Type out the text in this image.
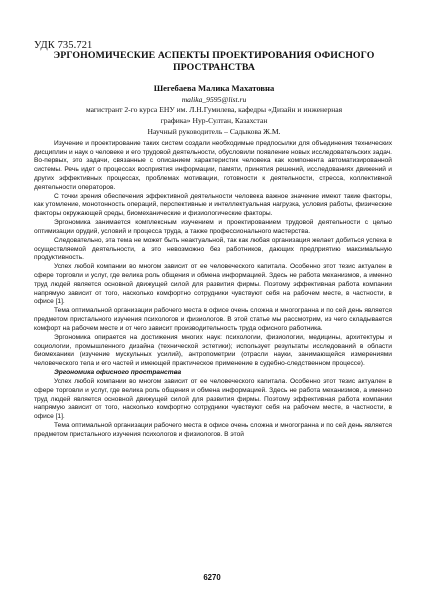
УДК 735.721
ЭРГОНОМИЧЕСКИЕ АСПЕКТЫ ПРОЕКТИРОВАНИЯ ОФИСНОГО ПРОСТРАНСТВА
Шегебаева Малика Махатовна
malika_9595@list.ru
магистрант 2-го курса ЕНУ им. Л.Н.Гумилева, кафедры «Дизайн и инженерная
графика» Нур-Султан, Казахстан
Научный руководитель – Садыкова Ж.М.

Изучение и проектирование таких систем создали необходимые предпосылки для объединения технических дисциплин и наук о человеке и его трудовой деятельности, обусловили появление новых исследовательских задач. Во-первых, это задачи, связанные с описанием характеристик человека как компонента автоматизированной системы. Речь идет о процессах восприятия информации, памяти, принятия решений, исследованиях движений и других эффективных процессах, проблемах мотивации, готовности к деятельности, стресса, коллективной деятельности операторов.

С точки зрения обеспечения эффективной деятельности человека важное значение имеют такие факторы, как утомление, монотонность операций, перспективные и интеллектуальная нагрузка, условия работы, физические факторы окружающей среды, биомеханические и физиологические факторы.

Эргономика занимается комплексным изучением и проектированием трудовой деятельности с целью оптимизации орудий, условий и процесса труда, а также профессионального мастерства.

Следовательно, эта тема не может быть неактуальной, так как любая организация желает добиться успеха в осуществляемой деятельности, а это невозможно без работников, дающих предприятию максимальную продуктивность.

Успех любой компании во многом зависит от ее человеческого капитала. Особенно этот тезис актуален в сфере торговли и услуг, где велика роль общения и обмена информацией. Здесь не работа механизмов, а именно труд людей является основной движущей силой для развития фирмы. Поэтому эффективная работа компании напрямую зависит от того, насколько комфортно сотрудники чувствуют себя на рабочем месте, в частности, в офисе [1].

Тема оптимальной организации рабочего места в офисе очень сложна и многогранна и по сей день является предметом пристального изучения психологов и физиологов. В этой статье мы рассмотрим, из чего складывается комфорт на рабочем месте и от чего зависит производительность труда офисного работника.

Эргономика опирается на достижения многих наук: психологии, физиологии, медицины, архитектуры и социологии, промышленного дизайна (технической эстетики); использует результаты исследований в области биомеханики (изучение мускульных усилий), антропометрии (отрасли науки, занимающейся измерениями человеческого тела и его частей и имеющей практическое применение в судебно-следственном процессе).

Эргономика офисного пространства

Успех любой компании во многом зависит от ее человеческого капитала. Особенно этот тезис актуален в сфере торговли и услуг, где велика роль общения и обмена информацией. Здесь не работа механизмов, а именно труд людей является основной движущей силой для развития фирмы. Поэтому эффективная работа компании напрямую зависит от того, насколько комфортно сотрудники чувствуют себя на рабочем месте, в частности, в офисе [1].

Тема оптимальной организации рабочего места в офисе очень сложна и многогранна и по сей день является предметом пристального изучения психологов и физиологов. В этой

6270
